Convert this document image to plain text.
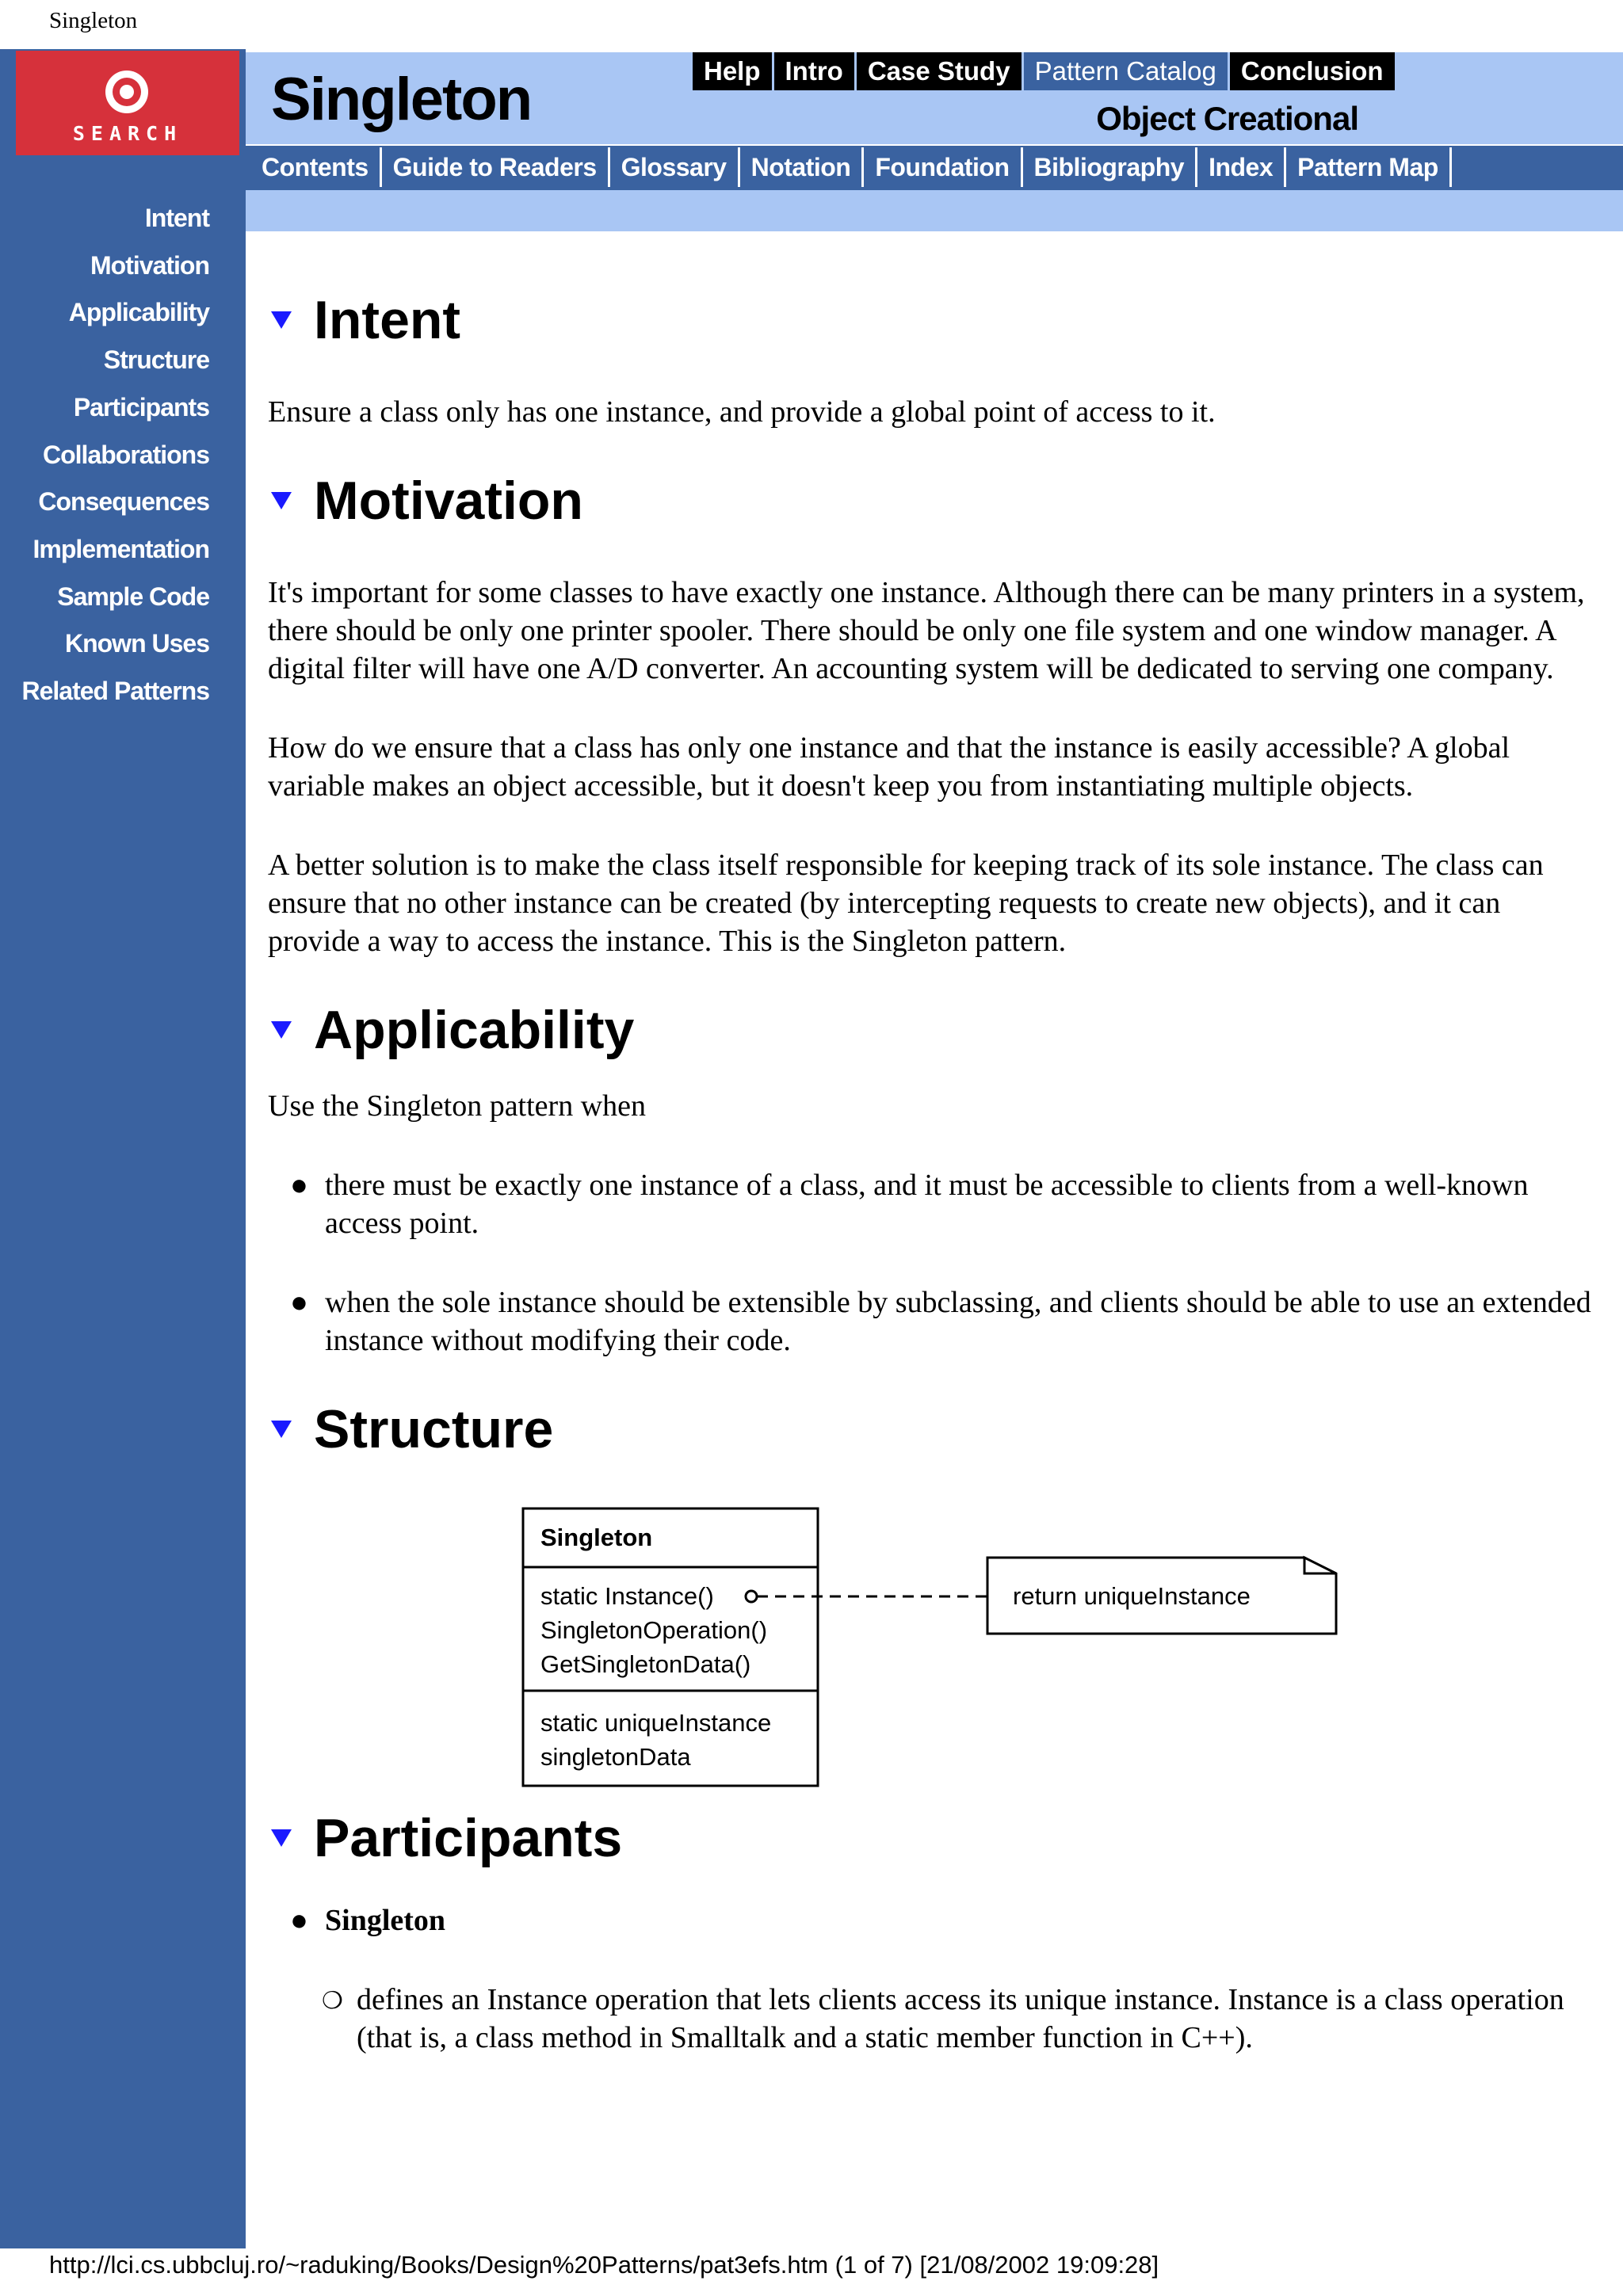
Singleton
SEARCH
Intent
Motivation
Applicability
Structure
Participants
Collaborations
Consequences
Implementation
Sample Code
Known Uses
Related Patterns
Singleton	Object Creational
Help Intro Case Study Pattern Catalog Conclusion
Contents Guide to Readers Glossary Notation Foundation Bibliography Index Pattern Map
Intent

Ensure a class only has one instance, and provide a global point of access to it.

Motivation

It's important for some classes to have exactly one instance. Although there can be many printers in a system, there should be only one printer spooler. There should be only one file system and one window manager. A digital filter will have one A/D converter. An accounting system will be dedicated to serving one company.

How do we ensure that a class has only one instance and that the instance is easily accessible? A global variable makes an object accessible, but it doesn't keep you from instantiating multiple objects.

A better solution is to make the class itself responsible for keeping track of its sole instance. The class can ensure that no other instance can be created (by intercepting requests to create new objects), and it can provide a way to access the instance. This is the Singleton pattern.

Applicability

Use the Singleton pattern when

● there must be exactly one instance of a class, and it must be accessible to clients from a well-known access point.
● when the sole instance should be extensible by subclassing, and clients should be able to use an extended instance without modifying their code.
Structure
Singleton
static Instance()
SingletonOperation()
GetSingletonData()
static uniqueInstance
singletonData
return uniqueInstance
Participants
● Singleton
❍ defines an Instance operation that lets clients access its unique instance. Instance is a class operation (that is, a class method in Smalltalk and a static member function in C++).
http://lci.cs.ubbcluj.ro/~raduking/Books/Design%20Patterns/pat3efs.htm (1 of 7) [21/08/2002 19:09:28]
